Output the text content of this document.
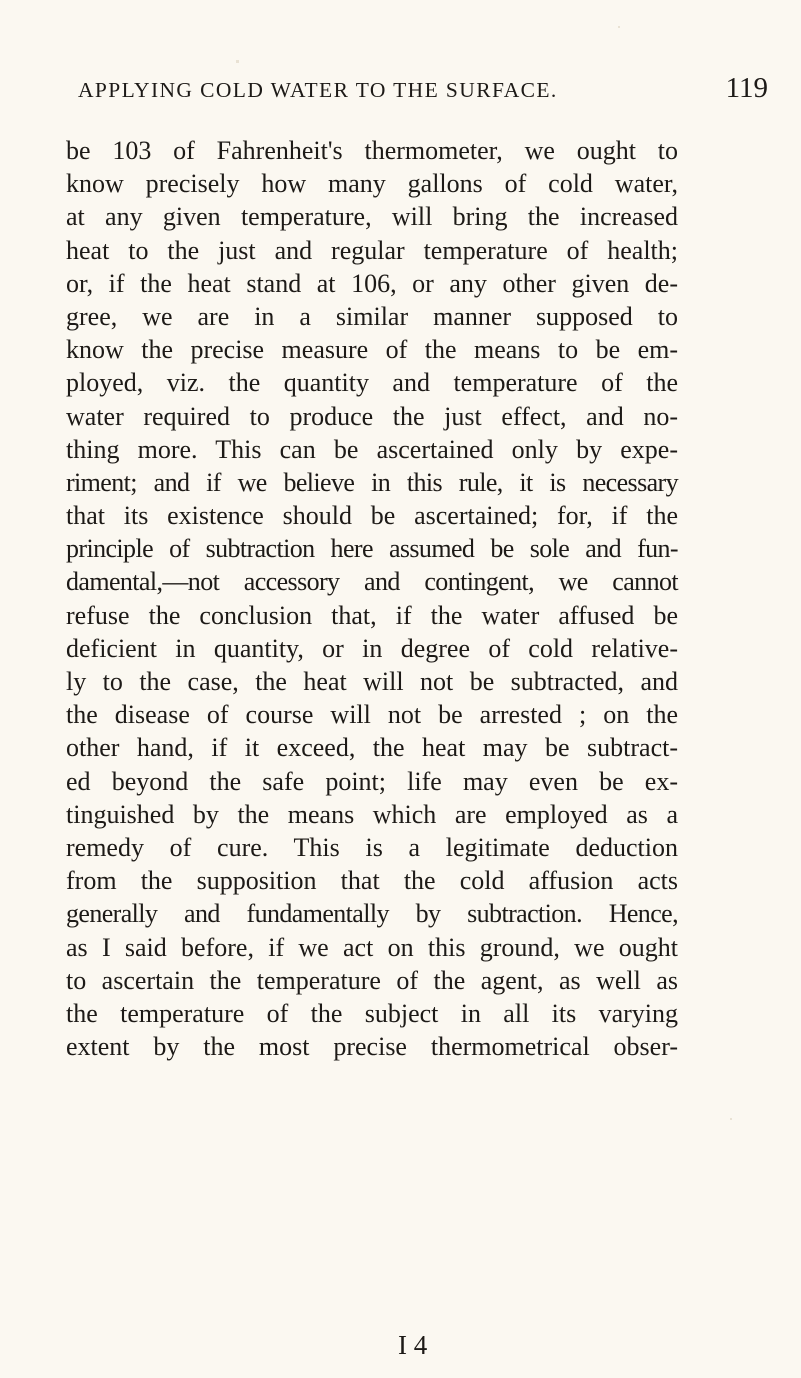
APPLYING COLD WATER TO THE SURFACE.	119
be 103 of Fahrenheit's thermometer, we ought to
know precisely how many gallons of cold water,
at any given temperature, will bring the increased
heat to the just and regular temperature of health;
or, if the heat stand at 106, or any other given de-
gree, we are in a similar manner supposed to
know the precise measure of the means to be em-
ployed, viz. the quantity and temperature of the
water required to produce the just effect, and no-
thing more. This can be ascertained only by expe-
riment; and if we believe in this rule, it is necessary
that its existence should be ascertained; for, if the
principle of subtraction here assumed be sole and fun-
damental,—not accessory and contingent, we cannot
refuse the conclusion that, if the water affused be
deficient in quantity, or in degree of cold relative-
ly to the case, the heat will not be subtracted, and
the disease of course will not be arrested ; on the
other hand, if it exceed, the heat may be subtract-
ed beyond the safe point; life may even be ex-
tinguished by the means which are employed as a
remedy of cure. This is a legitimate deduction
from the supposition that the cold affusion acts
generally and fundamentally by subtraction. Hence,
as I said before, if we act on this ground, we ought
to ascertain the temperature of the agent, as well as
the temperature of the subject in all its varying
extent by the most precise thermometrical obser-
I 4
